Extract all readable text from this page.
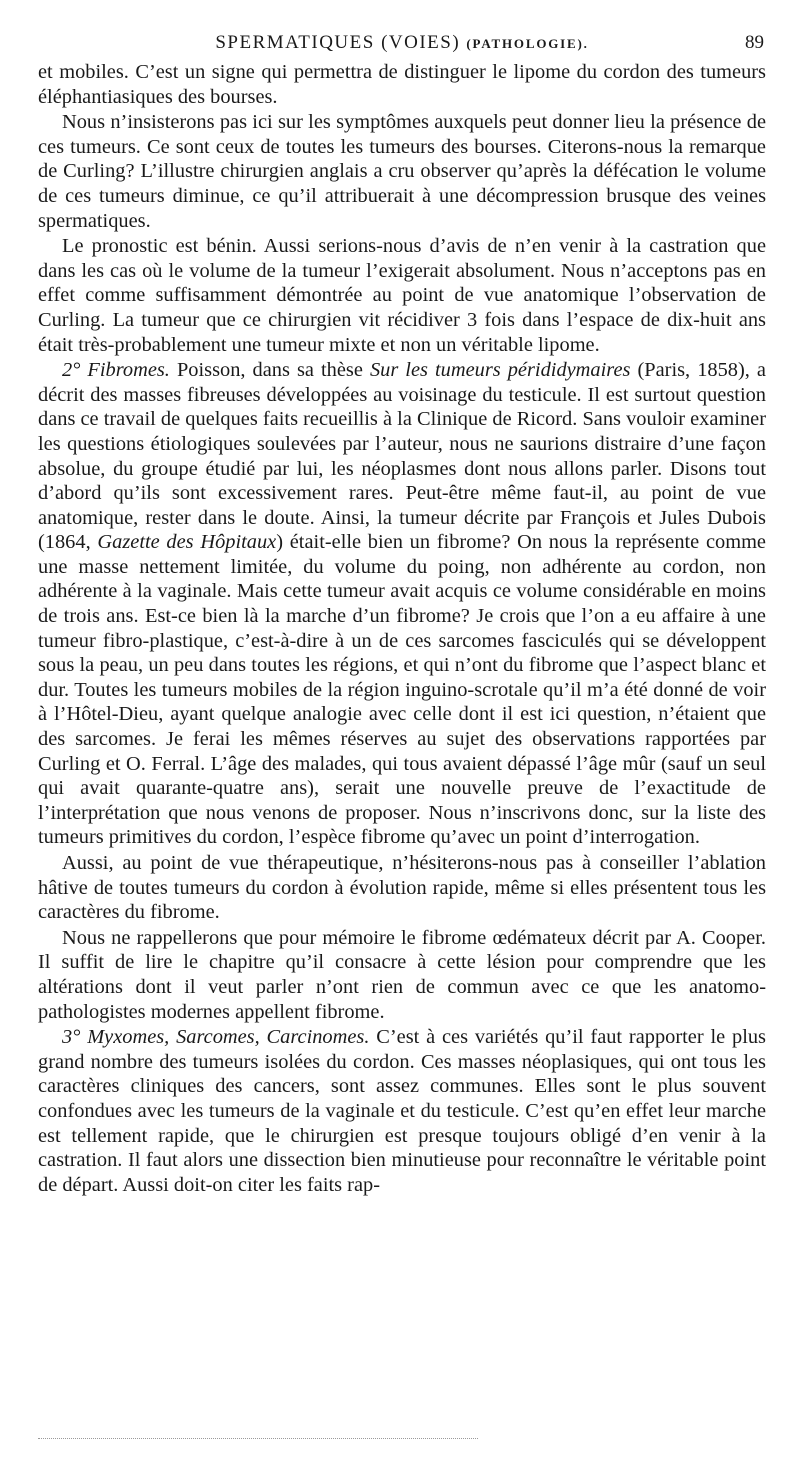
SPERMATIQUES (VOIES) (PATHOLOGIE).	89

et mobiles. C’est un signe qui permettra de distinguer le lipome du cordon des tumeurs éléphantiasiques des bourses.

Nous n’insisterons pas ici sur les symptômes auxquels peut donner lieu la présence de ces tumeurs. Ce sont ceux de toutes les tumeurs des bourses. Citerons-nous la remarque de Curling? L’illustre chirurgien anglais a cru observer qu’après la défécation le volume de ces tumeurs diminue, ce qu’il attribuerait à une décompression brusque des veines spermatiques.

Le pronostic est bénin. Aussi serions-nous d’avis de n’en venir à la castration que dans les cas où le volume de la tumeur l’exigerait absolument. Nous n’acceptons pas en effet comme suffisamment démontrée au point de vue anatomique l’observation de Curling. La tumeur que ce chirurgien vit récidiver 3 fois dans l’espace de dix-huit ans était très-probablement une tumeur mixte et non un véritable lipome.

2° Fibromes. Poisson, dans sa thèse Sur les tumeurs pérididymaires (Paris, 1858), a décrit des masses fibreuses développées au voisinage du testicule. Il est surtout question dans ce travail de quelques faits recueillis à la Clinique de Ricord. Sans vouloir examiner les questions étiologiques soulevées par l’auteur, nous ne saurions distraire d’une façon absolue, du groupe étudié par lui, les néoplasmes dont nous allons parler. Disons tout d’abord qu’ils sont excessivement rares. Peut-être même faut-il, au point de vue anatomique, rester dans le doute. Ainsi, la tumeur décrite par François et Jules Dubois (1864, Gazette des Hôpitaux) était-elle bien un fibrome? On nous la représente comme une masse nettement limitée, du volume du poing, non adhérente au cordon, non adhérente à la vaginale. Mais cette tumeur avait acquis ce volume considérable en moins de trois ans. Est-ce bien là la marche d’un fibrome? Je crois que l’on a eu affaire à une tumeur fibro-plastique, c’est-à-dire à un de ces sarcomes fasciculés qui se développent sous la peau, un peu dans toutes les régions, et qui n’ont du fibrome que l’aspect blanc et dur. Toutes les tumeurs mobiles de la région inguino-scrotale qu’il m’a été donné de voir à l’Hôtel-Dieu, ayant quelque analogie avec celle dont il est ici question, n’étaient que des sarcomes. Je ferai les mêmes réserves au sujet des observations rapportées par Curling et O. Ferral. L’âge des malades, qui tous avaient dépassé l’âge mûr (sauf un seul qui avait quarante-quatre ans), serait une nouvelle preuve de l’exactitude de l’interprétation que nous venons de proposer. Nous n’inscrivons donc, sur la liste des tumeurs primitives du cordon, l’espèce fibrome qu’avec un point d’interrogation.

Aussi, au point de vue thérapeutique, n’hésiterons-nous pas à conseiller l’ablation hâtive de toutes tumeurs du cordon à évolution rapide, même si elles présentent tous les caractères du fibrome.

Nous ne rappellerons que pour mémoire le fibrome œdémateux décrit par A. Cooper. Il suffit de lire le chapitre qu’il consacre à cette lésion pour comprendre que les altérations dont il veut parler n’ont rien de commun avec ce que les anatomo-pathologistes modernes appellent fibrome.

3° Myxomes, Sarcomes, Carcinomes. C’est à ces variétés qu’il faut rapporter le plus grand nombre des tumeurs isolées du cordon. Ces masses néoplasiques, qui ont tous les caractères cliniques des cancers, sont assez communes. Elles sont le plus souvent confondues avec les tumeurs de la vaginale et du testicule. C’est qu’en effet leur marche est tellement rapide, que le chirurgien est presque toujours obligé d’en venir à la castration. Il faut alors une dissection bien minutieuse pour reconnaître le véritable point de départ. Aussi doit-on citer les faits rap-
